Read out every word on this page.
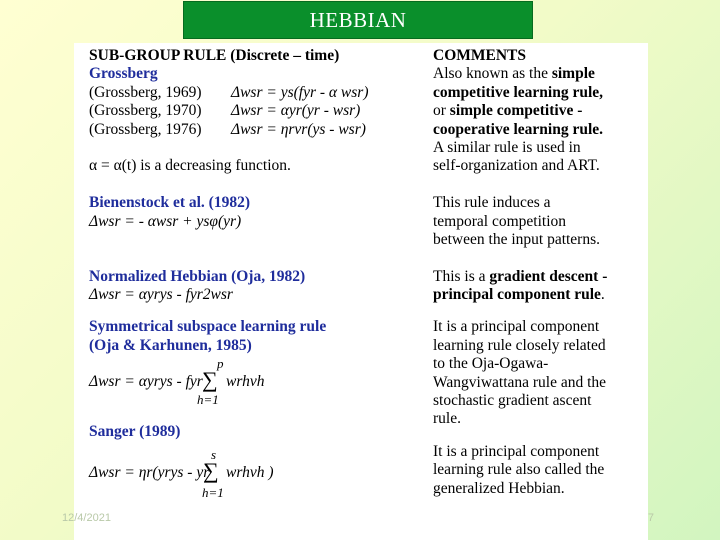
HEBBIAN
SUB-GROUP RULE (Discrete – time)
Grossberg
(Grossberg, 1969) Δwsr = ys(fyr - α wsr)
(Grossberg, 1970) Δwsr = αyr(yr - wsr)
(Grossberg, 1976) Δwsr = ηrvr(ys - wsr)
α = α(t) is a decreasing function.
Bienenstock et al. (1982)
Δwsr = - αwsr + ysφ(yr)
Normalized Hebbian (Oja, 1982)
Δwsr = αyrys - fyr2wsr
Symmetrical subspace learning rule
(Oja & Karhunen, 1985)
Δwsr = αyrys - fyr
p
∑ wrhvh
h=1
Sanger (1989)
Δwsr = ηr(yrys - yr
s
∑ wrhvh )
h=1
COMMENTS
Also known as the simple
competitive learning rule,
or simple competitive -
cooperative learning rule.
A similar rule is used in
self-organization and ART.
This rule induces a
temporal competition
between the input patterns.
This is a gradient descent -
principal component rule.
It is a principal component
learning rule closely related
to the Oja-Ogawa-
Wangviwattana rule and the
stochastic gradient ascent
rule.
It is a principal component
learning rule also called the
generalized Hebbian.
12/4/2021	7
